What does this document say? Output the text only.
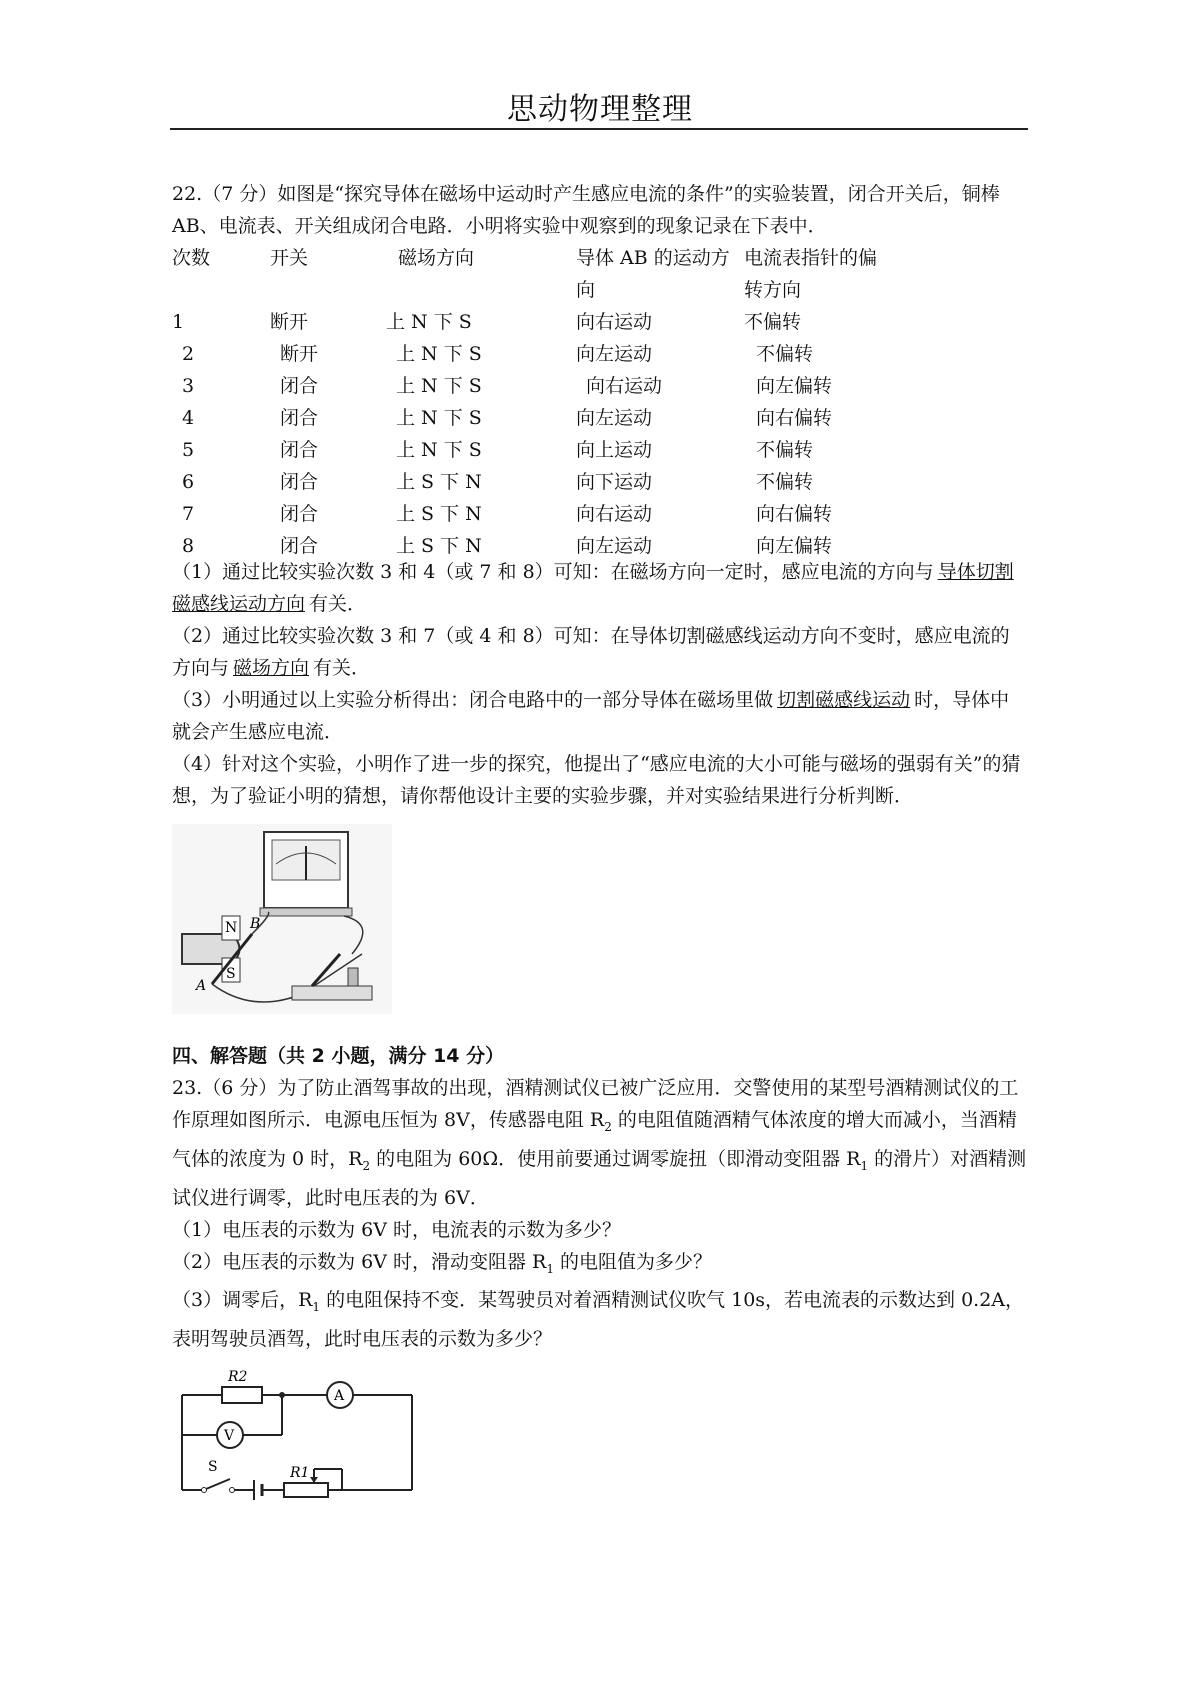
思动物理整理

22.（7 分）如图是“探究导体在磁场中运动时产生感应电流的条件”的实验装置，闭合开关后，铜棒 AB、电流表、开关组成闭合电路．小明将实验中观察到的现象记录在下表中．

次数	开关	磁场方向	导体 AB 的运动方 电流表指针的偏
向	转方向
1	断开	上 N 下 S	向右运动	不偏转
2	断开	上 N 下 S	向左运动	不偏转
3	闭合	上 N 下 S	向右运动	向左偏转
4	闭合	上 N 下 S	向左运动	向右偏转
5	闭合	上 N 下 S	向上运动	不偏转
6	闭合	上 S 下 N	向下运动	不偏转
7	闭合	上 S 下 N	向右运动	向右偏转
8	闭合	上 S 下 N	向左运动	向左偏转

（1）通过比较实验次数 3 和 4（或 7 和 8）可知：在磁场方向一定时，感应电流的方向与 导体切割磁感线运动方向 有关．

（2）通过比较实验次数 3 和 7（或 4 和 8）可知：在导体切割磁感线运动方向不变时，感应电流的方向与 磁场方向 有关．

（3）小明通过以上实验分析得出：闭合电路中的一部分导体在磁场里做 切割磁感线运动 时，导体中就会产生感应电流．

（4）针对这个实验，小明作了进一步的探究，他提出了“感应电流的大小可能与磁场的强弱有关”的猜想，为了验证小明的猜想，请你帮他设计主要的实验步骤，并对实验结果进行分析判断．

N
S
A
B

四、解答题（共 2 小题，满分 14 分）

23.（6 分）为了防止酒驾事故的出现，酒精测试仪已被广泛应用．交警使用的某型号酒精测试仪的工作原理如图所示．电源电压恒为 8V，传感器电阻 $R_2$ 的电阻值随酒精气体浓度的增大而减小，当酒精气体的浓度为 0 时，$R_2$ 的电阻为 60Ω．使用前要通过调零旋扭（即滑动变阻器 $R_1$ 的滑片）对酒精测试仪进行调零，此时电压表的为 6V．

（1）电压表的示数为 6V 时，电流表的示数为多少？

（2）电压表的示数为 6V 时，滑动变阻器 $R_1$ 的电阻值为多少？

（3）调零后，$R_1$ 的电阻保持不变．某驾驶员对着酒精测试仪吹气 10s，若电流表的示数达到 0.2A，表明驾驶员酒驾，此时电压表的示数为多少？

R2
A
V
S	R1
